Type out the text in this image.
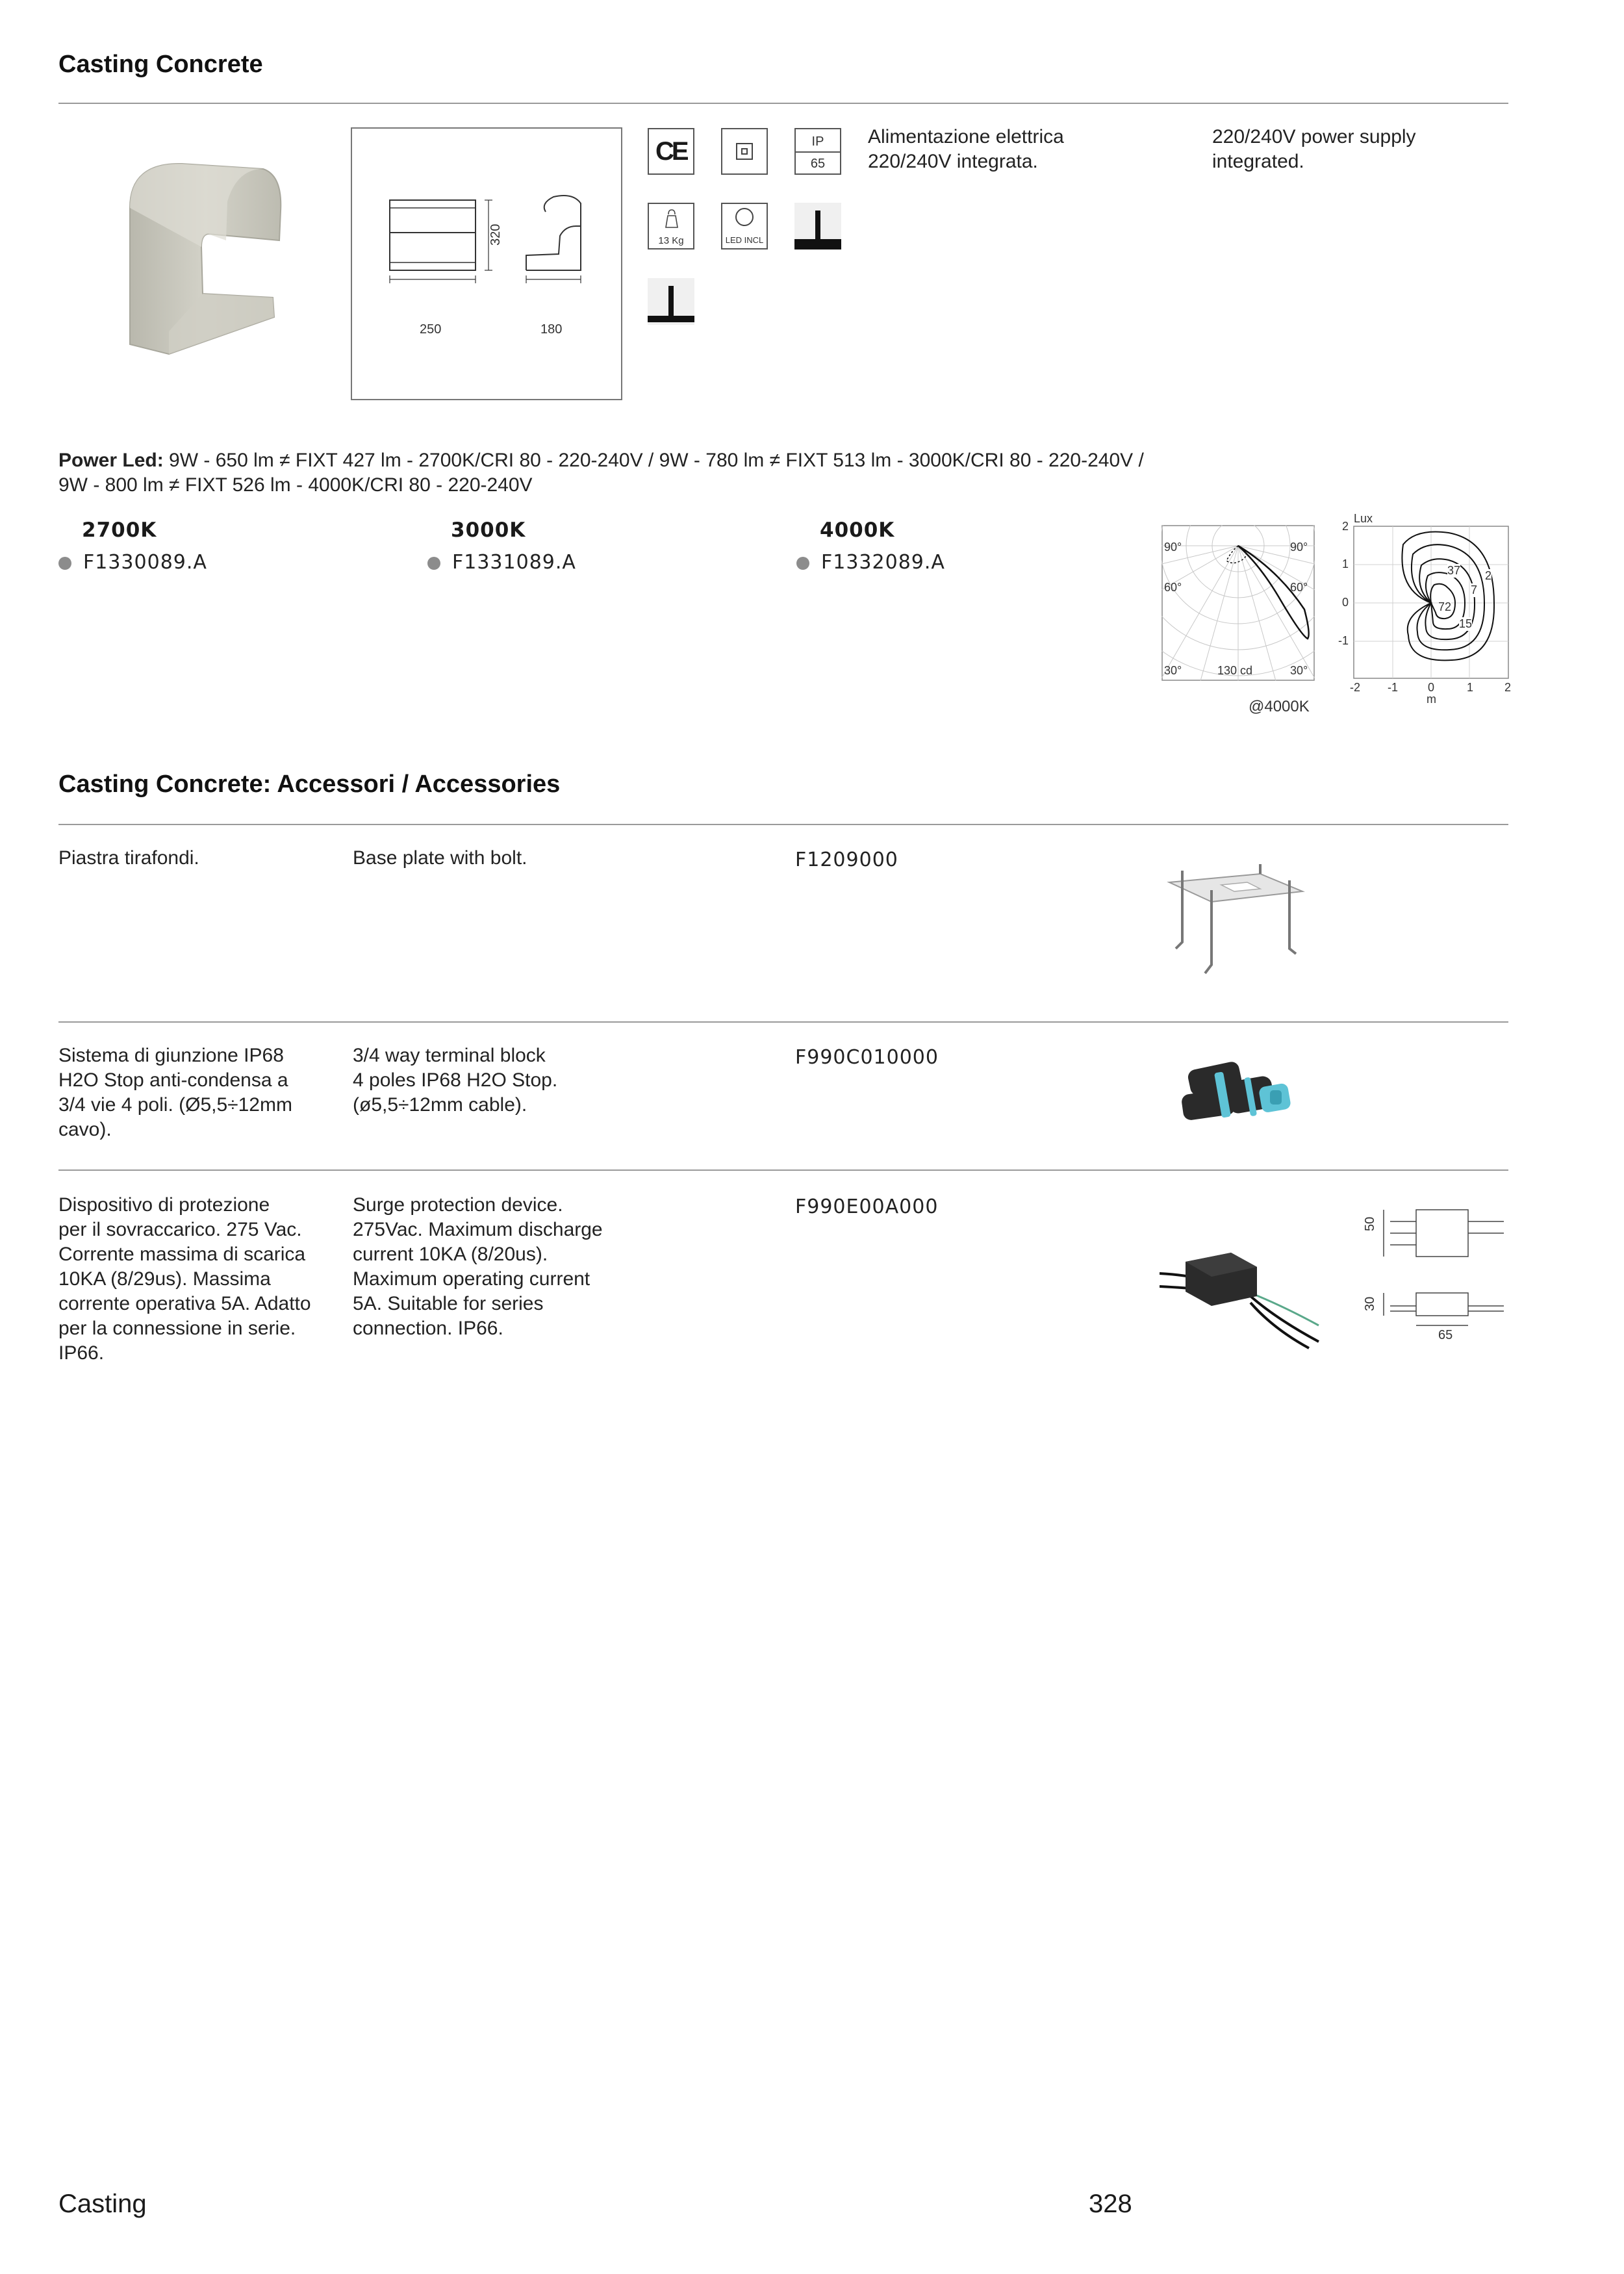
Casting Concrete
320
250	180
CE	IP
65
13 Kg	LED INCL
Alimentazione elettrica
220/240V integrata.
220/240V power supply
integrated.
Power Led: 9W - 650 lm ≠ FIXT 427 lm - 2700K/CRI 80 - 220-240V / 9W - 780 lm ≠ FIXT 513 lm - 3000K/CRI 80 - 220-240V /
9W - 800 lm ≠ FIXT 526 lm - 4000K/CRI 80 - 220-240V
2700K
F1330089.A
3000K
F1331089.A
4000K
F1332089.A
90°	90°
60°	60°
30°	30°
130 cd
@4000K
Lux
2
1
0
-1
-2 -1	0	1	2
m
37 2
7
72
15
Casting Concrete: Accessori / Accessories
Piastra tirafondi.	Base plate with bolt.	F1209000
Sistema di giunzione IP68
H2O Stop anti-condensa a
3/4 vie 4 poli. (Ø5,5÷12mm
cavo).
3/4 way terminal block
4 poles IP68 H2O Stop.
(ø5,5÷12mm cable).
F990C010000
Dispositivo di protezione
per il sovraccarico. 275 Vac.
Corrente massima di scarica
10KA (8/29us). Massima
corrente operativa 5A. Adatto
per la connessione in serie.
IP66.
Surge protection device.
275Vac. Maximum discharge
current 10KA (8/20us).
Maximum operating current
5A. Suitable for series
connection. IP66.
F990E00A000
50
30
65
Casting	328
